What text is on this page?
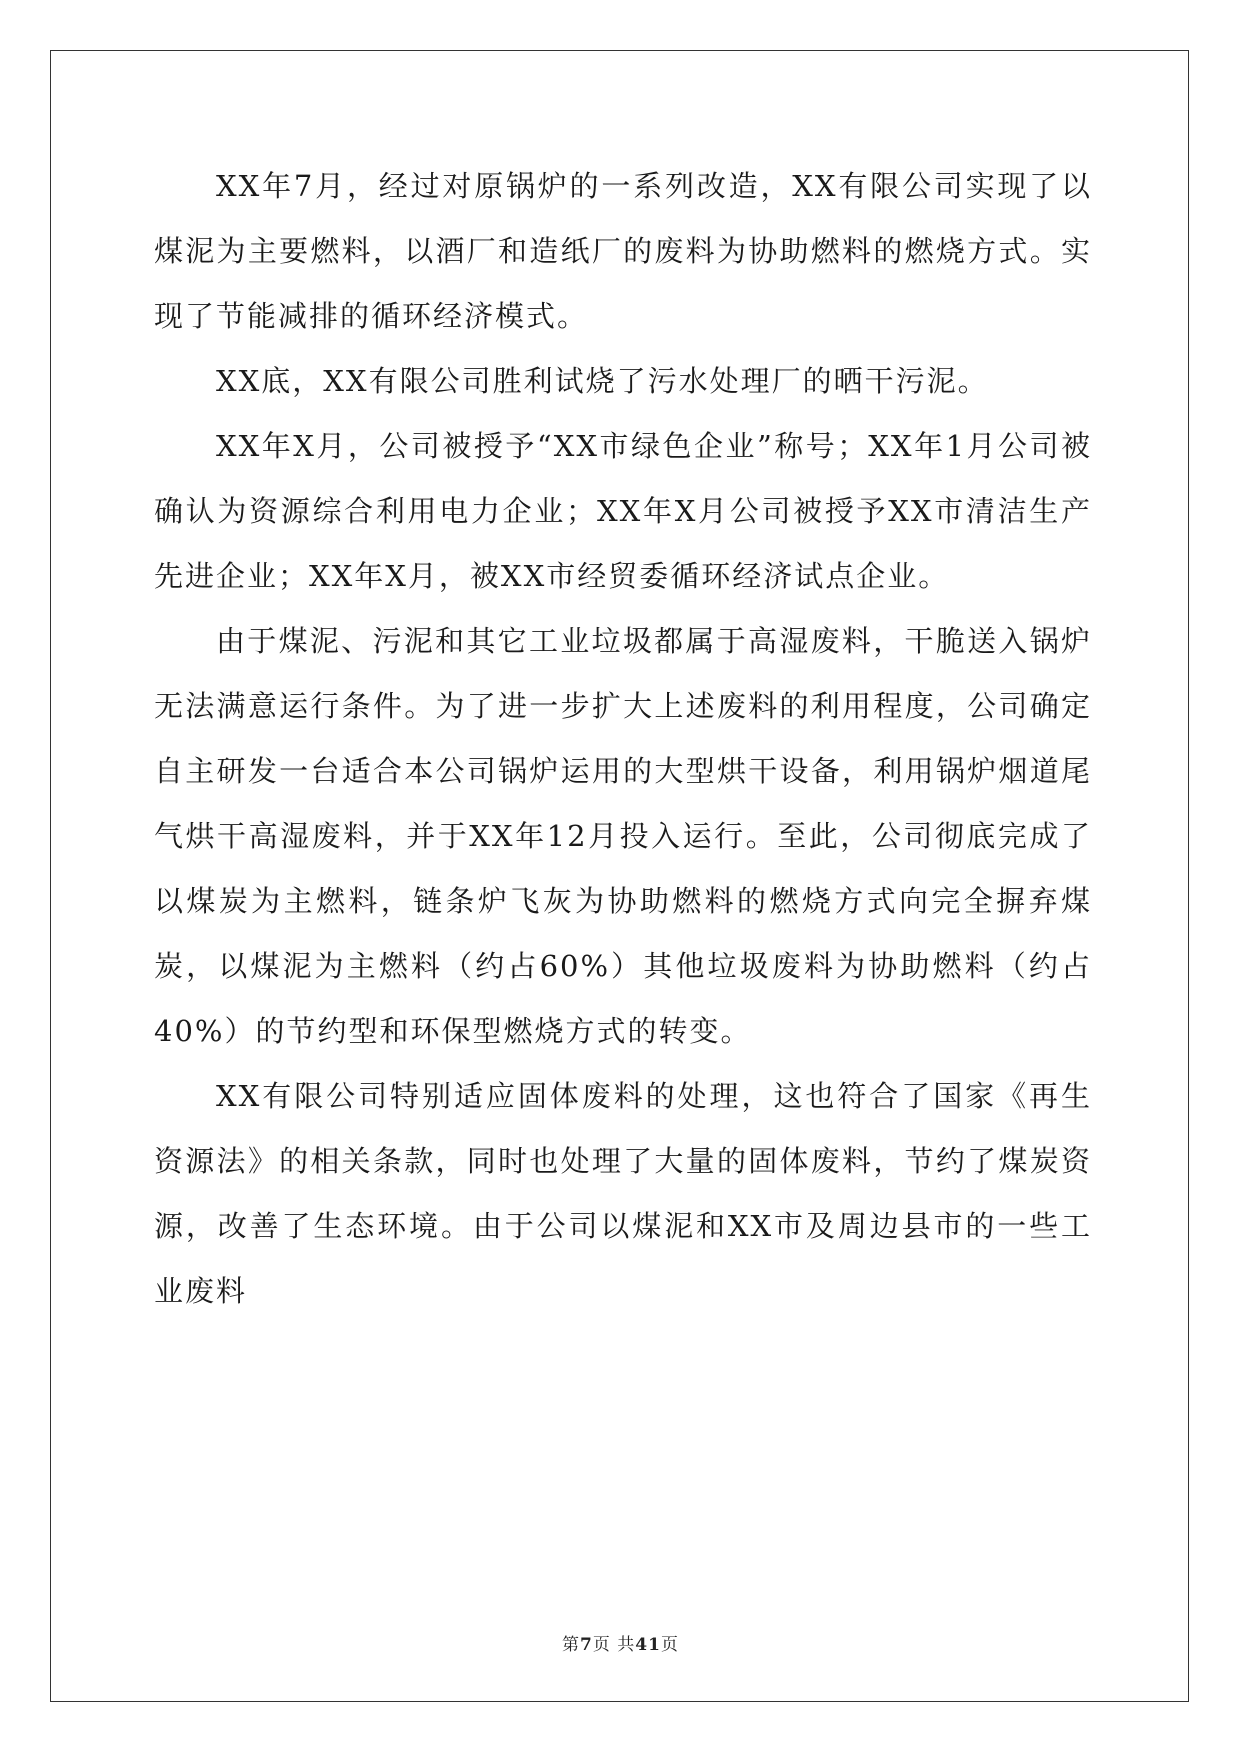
XX年7月，经过对原锅炉的一系列改造，XX有限公司实现了以煤泥为主要燃料，以酒厂和造纸厂的废料为协助燃料的燃烧方式。实现了节能减排的循环经济模式。

XX底，XX有限公司胜利试烧了污水处理厂的晒干污泥。

XX年X月，公司被授予“XX市绿色企业”称号；XX年1月公司被确认为资源综合利用电力企业；XX年X月公司被授予XX市清洁生产先进企业；XX年X月，被XX市经贸委循环经济试点企业。

由于煤泥、污泥和其它工业垃圾都属于高湿废料，干脆送入锅炉无法满意运行条件。为了进一步扩大上述废料的利用程度，公司确定自主研发一台适合本公司锅炉运用的大型烘干设备，利用锅炉烟道尾气烘干高湿废料，并于XX年12月投入运行。至此，公司彻底完成了以煤炭为主燃料，链条炉飞灰为协助燃料的燃烧方式向完全摒弃煤炭，以煤泥为主燃料（约占60%）其他垃圾废料为协助燃料（约占40%）的节约型和环保型燃烧方式的转变。

XX有限公司特别适应固体废料的处理，这也符合了国家《再生资源法》的相关条款，同时也处理了大量的固体废料，节约了煤炭资源，改善了生态环境。由于公司以煤泥和XX市及周边县市的一些工业废料

第7页 共41页
